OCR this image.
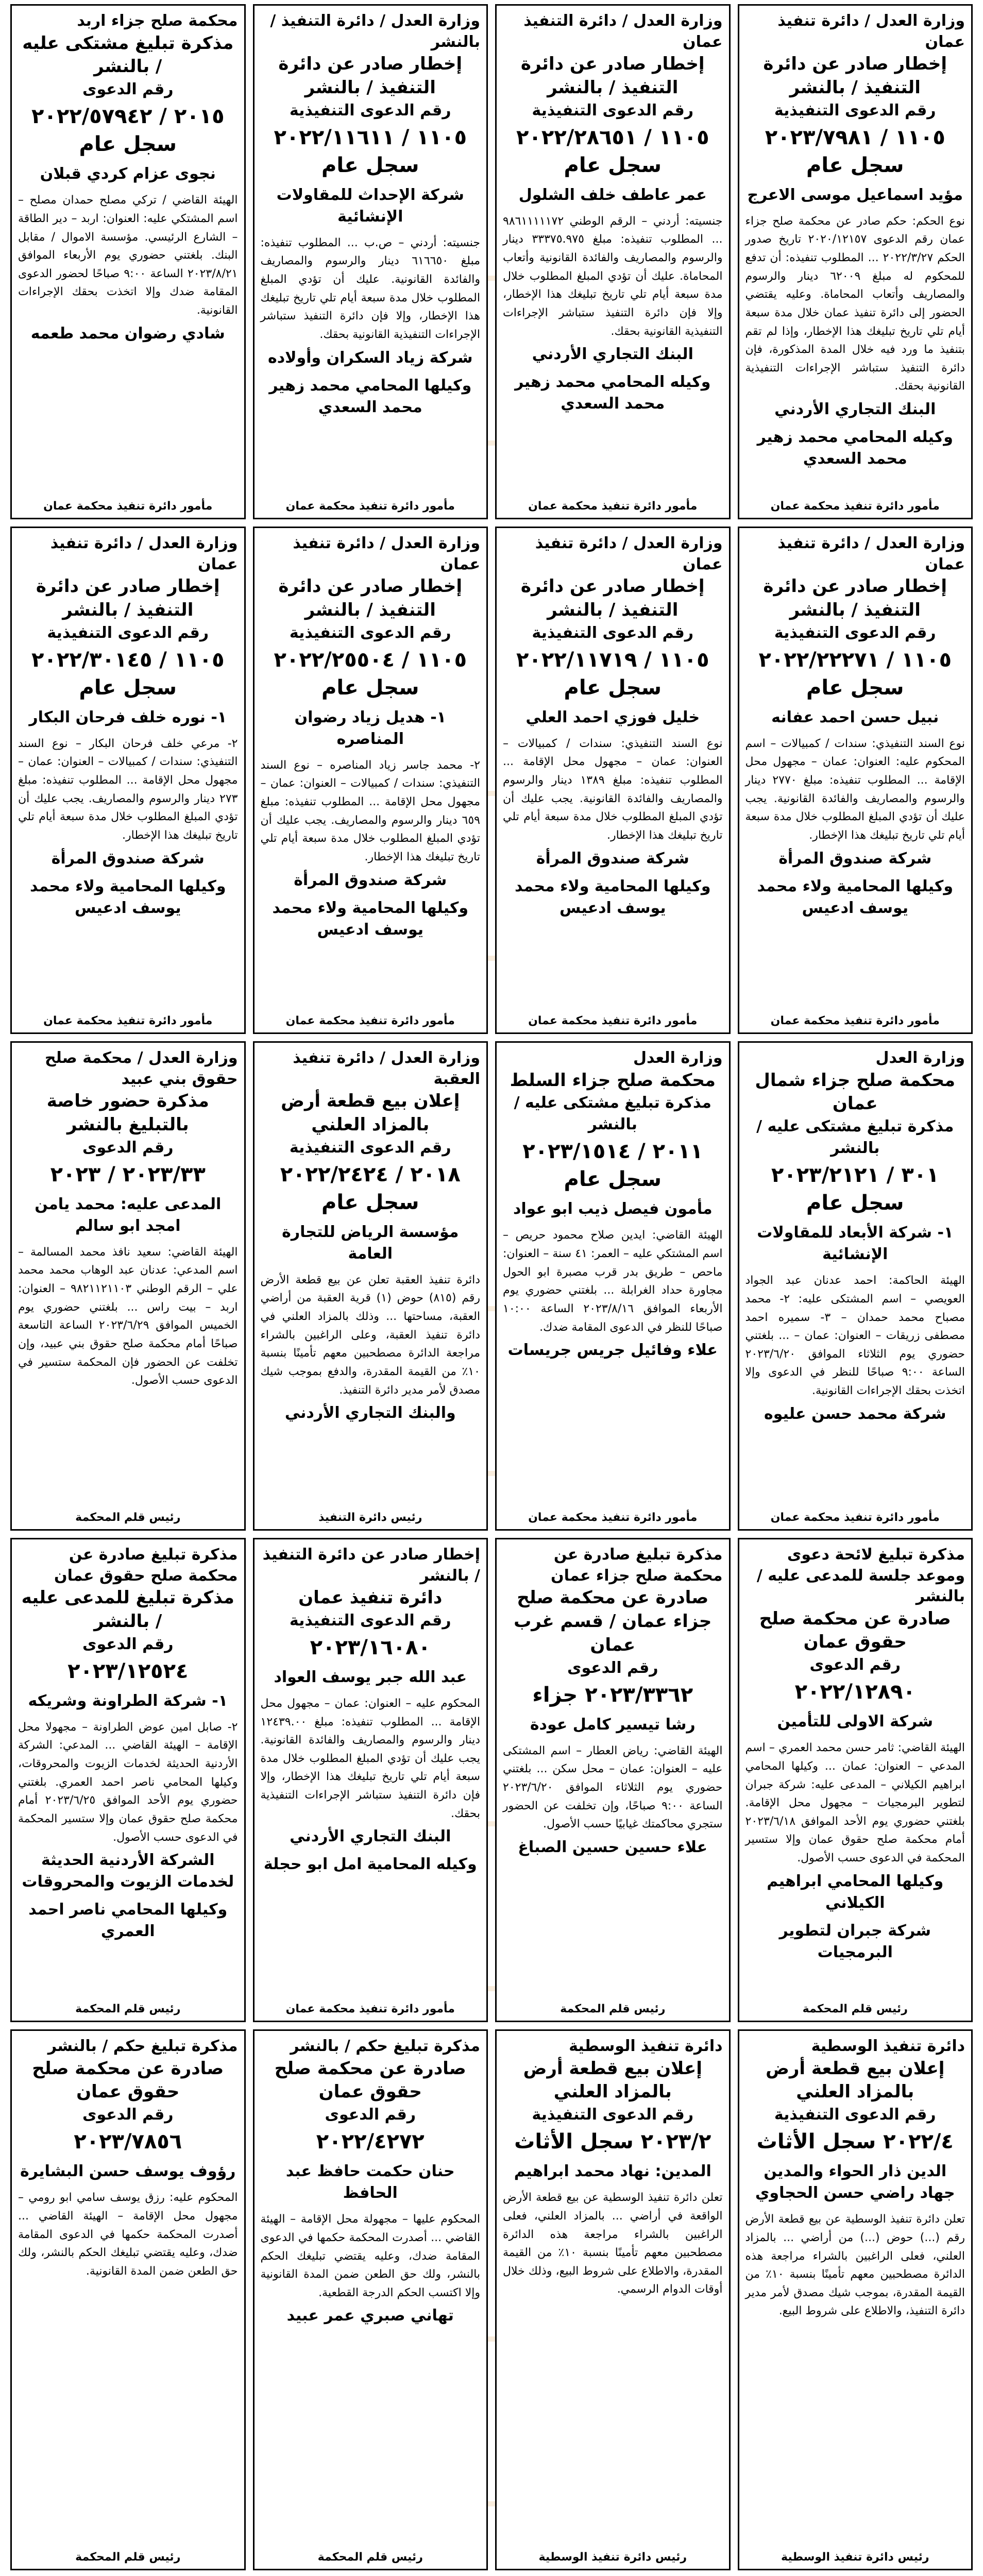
وزارة العدل / دائرة تنفيذ عمان
إخطار صادر عن دائرة التنفيذ / بالنشر
رقم الدعوى التنفيذية
١١٠٥ / ٢٠٢٣/٧٩٨١ سجل عام
مؤيد اسماعيل موسى الاعرج
نوع الحكم: حكم صادر عن محكمة صلح جزاء عمان رقم الدعوى ٢٠٢٠/١٢١٥٧ تاريخ صدور الحكم ٢٠٢٢/٣/٢٧ ... المطلوب تنفيذه: أن تدفع للمحكوم له مبلغ ٦٢٠٠٩ دينار والرسوم والمصاريف وأتعاب المحاماة. وعليه يقتضي الحضور إلى دائرة تنفيذ عمان خلال مدة سبعة أيام تلي تاريخ تبليغك هذا الإخطار، وإذا لم تقم بتنفيذ ما ورد فيه خلال المدة المذكورة، فإن دائرة التنفيذ ستباشر الإجراءات التنفيذية القانونية بحقك.
البنك التجاري الأردني
وكيله المحامي محمد زهير محمد السعدي
مأمور دائرة تنفيذ محكمة عمان
وزارة العدل / دائرة التنفيذ عمان
إخطار صادر عن دائرة التنفيذ / بالنشر
رقم الدعوى التنفيذية
١١٠٥ / ٢٠٢٢/٢٨٦٥١ سجل عام
عمر عاطف خلف الشلول
جنسيته: أردني – الرقم الوطني ٩٨٦١١١١١٧٢ ... المطلوب تنفيذه: مبلغ ٣٣٣٧٥.٩٧٥ دينار والرسوم والمصاريف والفائدة القانونية وأتعاب المحاماة. عليك أن تؤدي المبلغ المطلوب خلال مدة سبعة أيام تلي تاريخ تبليغك هذا الإخطار، وإلا فإن دائرة التنفيذ ستباشر الإجراءات التنفيذية القانونية بحقك.
البنك التجاري الأردني
وكيله المحامي محمد زهير محمد السعدي
مأمور دائرة تنفيذ محكمة عمان
وزارة العدل / دائرة التنفيذ / بالنشر
إخطار صادر عن دائرة التنفيذ / بالنشر
رقم الدعوى التنفيذية
١١٠٥ / ٢٠٢٢/١١٦١١ سجل عام
شركة الإحداث للمقاولات الإنشائية
جنسيته: أردني – ص.ب ... المطلوب تنفيذه: مبلغ ٦١٦٦٥٠ دينار والرسوم والمصاريف والفائدة القانونية. عليك أن تؤدي المبلغ المطلوب خلال مدة سبعة أيام تلي تاريخ تبليغك هذا الإخطار، وإلا فإن دائرة التنفيذ ستباشر الإجراءات التنفيذية القانونية بحقك.
شركة زياد السكران وأولاده
وكيلها المحامي محمد زهير محمد السعدي
مأمور دائرة تنفيذ محكمة عمان
محكمة صلح جزاء اربد
مذكرة تبليغ مشتكى عليه / بالنشر
رقم الدعوى
٢٠١٥ / ٢٠٢٢/٥٧٩٤٢ سجل عام
نجوى عزام كردي قبلان
الهيئة القاضي / تركي مصلح حمدان مصلح – اسم المشتكي عليه: العنوان: اربد – دير الطاقة – الشارع الرئيسي. مؤسسة الاموال / مقابل البنك. بلغتني حضوري يوم الأربعاء الموافق ٢٠٢٣/٨/٢١ الساعة ٩:٠٠ صباحًا لحضور الدعوى المقامة ضدك وإلا اتخذت بحقك الإجراءات القانونية.
شادي رضوان محمد طعمه
مأمور دائرة تنفيذ محكمة عمان
وزارة العدل / دائرة تنفيذ عمان
إخطار صادر عن دائرة التنفيذ / بالنشر
رقم الدعوى التنفيذية
١١٠٥ / ٢٠٢٢/٢٢٢٧١ سجل عام
نبيل حسن احمد عفانه
نوع السند التنفيذي: سندات / كمبيالات – اسم المحكوم عليه: العنوان: عمان – مجهول محل الإقامة ... المطلوب تنفيذه: مبلغ ٢٧٧٠ دينار والرسوم والمصاريف والفائدة القانونية. يجب عليك أن تؤدي المبلغ المطلوب خلال مدة سبعة أيام تلي تاريخ تبليغك هذا الإخطار.
شركة صندوق المرأة
وكيلها المحامية ولاء محمد يوسف ادعيس
مأمور دائرة تنفيذ محكمة عمان
وزارة العدل / دائرة تنفيذ عمان
إخطار صادر عن دائرة التنفيذ / بالنشر
رقم الدعوى التنفيذية
١١٠٥ / ٢٠٢٢/١١٧١٩ سجل عام
خليل فوزي احمد العلي
نوع السند التنفيذي: سندات / كمبيالات – العنوان: عمان – مجهول محل الإقامة ... المطلوب تنفيذه: مبلغ ١٣٨٩ دينار والرسوم والمصاريف والفائدة القانونية. يجب عليك أن تؤدي المبلغ المطلوب خلال مدة سبعة أيام تلي تاريخ تبليغك هذا الإخطار.
شركة صندوق المرأة
وكيلها المحامية ولاء محمد يوسف ادعيس
مأمور دائرة تنفيذ محكمة عمان
وزارة العدل / دائرة تنفيذ عمان
إخطار صادر عن دائرة التنفيذ / بالنشر
رقم الدعوى التنفيذية
١١٠٥ / ٢٠٢٢/٢٥٥٠٤ سجل عام
١- هديل زياد رضوان المناصره
٢- محمد جاسر زياد المناصره – نوع السند التنفيذي: سندات / كمبيالات – العنوان: عمان – مجهول محل الإقامة ... المطلوب تنفيذه: مبلغ ٦٥٩ دينار والرسوم والمصاريف. يجب عليك أن تؤدي المبلغ المطلوب خلال مدة سبعة أيام تلي تاريخ تبليغك هذا الإخطار.
شركة صندوق المرأة
وكيلها المحامية ولاء محمد يوسف ادعيس
مأمور دائرة تنفيذ محكمة عمان
وزارة العدل / دائرة تنفيذ عمان
إخطار صادر عن دائرة التنفيذ / بالنشر
رقم الدعوى التنفيذية
١١٠٥ / ٢٠٢٢/٣٠١٤٥ سجل عام
١- نوره خلف فرحان البكار
٢- مرعي خلف فرحان البكار – نوع السند التنفيذي: سندات / كمبيالات – العنوان: عمان – مجهول محل الإقامة ... المطلوب تنفيذه: مبلغ ٢٧٣ دينار والرسوم والمصاريف. يجب عليك أن تؤدي المبلغ المطلوب خلال مدة سبعة أيام تلي تاريخ تبليغك هذا الإخطار.
شركة صندوق المرأة
وكيلها المحامية ولاء محمد يوسف ادعيس
مأمور دائرة تنفيذ محكمة عمان
وزارة العدل
محكمة صلح جزاء شمال عمان
مذكرة تبليغ مشتكى عليه / بالنشر
٣٠١ / ٢٠٢٣/٢١٢١ سجل عام
١- شركة الأبعاد للمقاولات الإنشائية
الهيئة الحاكمة: احمد عدنان عبد الجواد العويصي – اسم المشتكى عليه: ٢- محمد مصباح محمد حمدان – ٣- سميره احمد مصطفى زريقات – العنوان: عمان – ... بلغتني حضوري يوم الثلاثاء الموافق ٢٠٢٣/٦/٢٠ الساعة ٩:٠٠ صباحًا للنظر في الدعوى وإلا اتخذت بحقك الإجراءات القانونية.
شركة محمد حسن عليوه
مأمور دائرة تنفيذ محكمة عمان
وزارة العدل
محكمة صلح جزاء السلط
مذكرة تبليغ مشتكى عليه / بالنشر
٢٠١١ / ٢٠٢٣/١٥١٤ سجل عام
مأمون فيصل ذيب ابو عواد
الهيئة القاضي: ايدين صلاح محمود حريص – اسم المشتكي عليه – العمر: ٤١ سنة – العنوان: ماحص – طريق بدر قرب مصبرة ابو الحول مجاورة حداد الغرابلة ... بلغتني حضوري يوم الأربعاء الموافق ٢٠٢٣/٨/١٦ الساعة ١٠:٠٠ صباحًا للنظر في الدعوى المقامة ضدك.
علاء وفائيل جريس جريسات
مأمور دائرة تنفيذ محكمة عمان
وزارة العدل / دائرة تنفيذ العقبة
إعلان بيع قطعة أرض بالمزاد العلني
رقم الدعوى التنفيذية
٢٠١٨ / ٢٠٢٢/٢٤٢٤ سجل عام
مؤسسة الرياض للتجارة العامة
دائرة تنفيذ العقبة تعلن عن بيع قطعة الأرض رقم (٨١٥) حوض (١) قرية العقبة من أراضي العقبة، مساحتها ... وذلك بالمزاد العلني في دائرة تنفيذ العقبة، وعلى الراغبين بالشراء مراجعة الدائرة مصطحبين معهم تأمينًا بنسبة ١٠٪ من القيمة المقدرة، والدفع بموجب شيك مصدق لأمر مدير دائرة التنفيذ.
والبنك التجاري الأردني
رئيس دائرة التنفيذ
وزارة العدل / محكمة صلح حقوق بني عبيد
مذكرة حضور خاصة بالتبليغ بالنشر
رقم الدعوى
٢٠٢٣/٣٣ / ٢٠٢٣
المدعى عليه: محمد يامن امجد ابو سالم
الهيئة القاضي: سعيد نافذ محمد المسالمة – اسم المدعي: عدنان عبد الوهاب محمد محمد علي – الرقم الوطني ٩٨٢١١٢١١٠٣ – العنوان: اربد – بيت راس ... بلغتني حضوري يوم الخميس الموافق ٢٠٢٣/٦/٢٩ الساعة التاسعة صباحًا أمام محكمة صلح حقوق بني عبيد، وإن تخلفت عن الحضور فإن المحكمة ستسير في الدعوى حسب الأصول.
رئيس قلم المحكمة
مذكرة تبليغ لائحة دعوى وموعد جلسة للمدعى عليه / بالنشر
صادرة عن محكمة صلح حقوق عمان
رقم الدعوى
٢٠٢٢/١٢٨٩٠
شركة الاولى للتأمين
الهيئة القاضي: ثامر حسن محمد العمري – اسم المدعي – العنوان: عمان ... وكيلها المحامي ابراهيم الكيلاني – المدعى عليه: شركة جبران لتطوير البرمجيات – مجهول محل الإقامة. بلغتني حضوري يوم الأحد الموافق ٢٠٢٣/٦/١٨ أمام محكمة صلح حقوق عمان وإلا ستسير المحكمة في الدعوى حسب الأصول.
وكيلها المحامي ابراهيم الكيلاني
شركة جبران لتطوير البرمجيات
رئيس قلم المحكمة
مذكرة تبليغ صادرة عن محكمة صلح جزاء عمان
صادرة عن محكمة صلح جزاء عمان / قسم غرب عمان
رقم الدعوى
٢٠٢٣/٣٣٦٢ جزاء
رشا تيسير كامل عودة
الهيئة القاضي: رياض العطار – اسم المشتكى عليه – العنوان: عمان – محل سكن ... بلغتني حضوري يوم الثلاثاء الموافق ٢٠٢٣/٦/٢٠ الساعة ٩:٠٠ صباحًا، وإن تخلفت عن الحضور ستجري محاكمتك غيابيًا حسب الأصول.
علاء حسين حسين الصباغ
رئيس قلم المحكمة
إخطار صادر عن دائرة التنفيذ / بالنشر
دائرة تنفيذ عمان
رقم الدعوى التنفيذية
٢٠٢٣/١٦٠٨٠
عبد الله جبر يوسف العواد
المحكوم عليه – العنوان: عمان – مجهول محل الإقامة ... المطلوب تنفيذه: مبلغ ١٢٤٣٩.٠٠ دينار والرسوم والمصاريف والفائدة القانونية. يجب عليك أن تؤدي المبلغ المطلوب خلال مدة سبعة أيام تلي تاريخ تبليغك هذا الإخطار، وإلا فإن دائرة التنفيذ ستباشر الإجراءات التنفيذية بحقك.
البنك التجاري الأردني
وكيله المحامية امل ابو حجلة
مأمور دائرة تنفيذ محكمة عمان
مذكرة تبليغ صادرة عن محكمة صلح حقوق عمان
مذكرة تبليغ للمدعى عليه / بالنشر
رقم الدعوى
٢٠٢٣/١٢٥٢٤
١- شركة الطراونة وشريكه
٢- صابل امين عوض الطراونة – مجهولا محل الإقامة – الهيئة القاضي ... المدعي: الشركة الأردنية الحديثة لخدمات الزيوت والمحروقات، وكيلها المحامي ناصر احمد العمري. بلغتني حضوري يوم الأحد الموافق ٢٠٢٣/٦/٢٥ أمام محكمة صلح حقوق عمان وإلا ستسير المحكمة في الدعوى حسب الأصول.
الشركة الأردنية الحديثة لخدمات الزيوت والمحروقات
وكيلها المحامي ناصر احمد العمري
رئيس قلم المحكمة
دائرة تنفيذ الوسطية
إعلان بيع قطعة أرض بالمزاد العلني
رقم الدعوى التنفيذية
٢٠٢٢/٤ سجل الأثاث
الدين ذار الحواء والمدين جهاد راضي حسن الحجاوي
تعلن دائرة تنفيذ الوسطية عن بيع قطعة الأرض رقم (...) حوض (...) من أراضي ... بالمزاد العلني، فعلى الراغبين بالشراء مراجعة هذه الدائرة مصطحبين معهم تأمينًا بنسبة ١٠٪ من القيمة المقدرة، بموجب شيك مصدق لأمر مدير دائرة التنفيذ، والاطلاع على شروط البيع.
رئيس دائرة تنفيذ الوسطية
دائرة تنفيذ الوسطية
إعلان بيع قطعة أرض بالمزاد العلني
رقم الدعوى التنفيذية
٢٠٢٣/٢ سجل الأثاث
المدين: نهاد محمد ابراهيم
تعلن دائرة تنفيذ الوسطية عن بيع قطعة الأرض الواقعة في أراضي ... بالمزاد العلني، فعلى الراغبين بالشراء مراجعة هذه الدائرة مصطحبين معهم تأمينًا بنسبة ١٠٪ من القيمة المقدرة، والاطلاع على شروط البيع، وذلك خلال أوقات الدوام الرسمي.
رئيس دائرة تنفيذ الوسطية
مذكرة تبليغ حكم / بالنشر
صادرة عن محكمة صلح حقوق عمان
رقم الدعوى
٢٠٢٢/٤٢٧٢
حنان حكمت حافظ عبد الحافظ
المحكوم عليها – مجهولة محل الإقامة – الهيئة القاضي ... أصدرت المحكمة حكمها في الدعوى المقامة ضدك، وعليه يقتضي تبليغك الحكم بالنشر، ولك حق الطعن ضمن المدة القانونية وإلا اكتسب الحكم الدرجة القطعية.
تهاني صبري عمر عبيد
رئيس قلم المحكمة
مذكرة تبليغ حكم / بالنشر
صادرة عن محكمة صلح حقوق عمان
رقم الدعوى
٢٠٢٣/٧٨٥٦
رؤوف يوسف حسن البشايرة
المحكوم عليه: رزق يوسف سامي ابو رومي – مجهول محل الإقامة – الهيئة القاضي ... أصدرت المحكمة حكمها في الدعوى المقامة ضدك، وعليه يقتضي تبليغك الحكم بالنشر، ولك حق الطعن ضمن المدة القانونية.
رئيس قلم المحكمة
